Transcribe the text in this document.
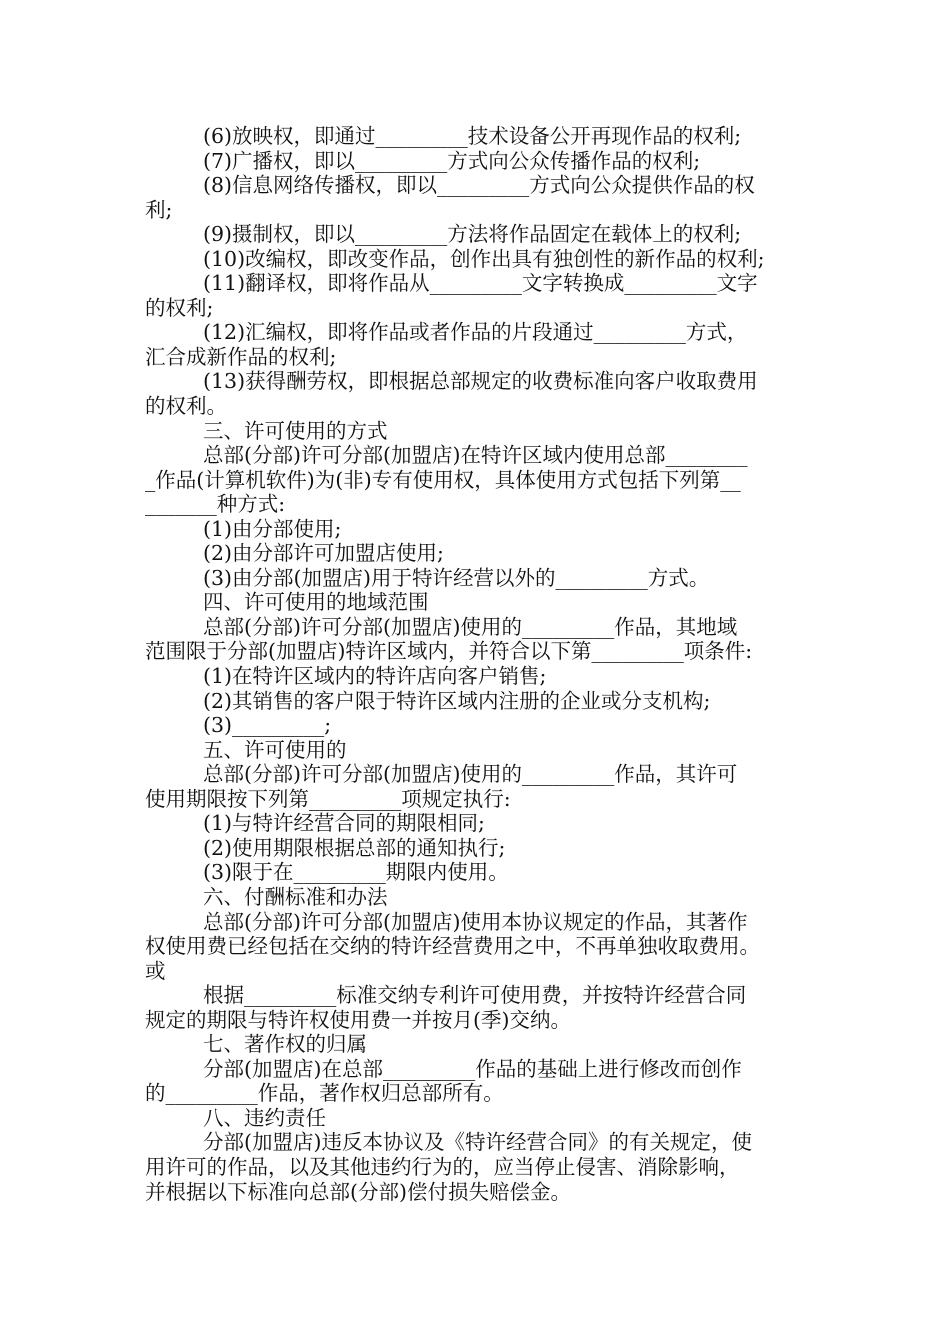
(6)放映权，即通过_________技术设备公开再现作品的权利;
(7)广播权，即以_________方式向公众传播作品的权利;
(8)信息网络传播权，即以_________方式向公众提供作品的权
利;
(9)摄制权，即以_________方法将作品固定在载体上的权利;
(10)改编权，即改变作品，创作出具有独创性的新作品的权利;
(11)翻译权，即将作品从_________文字转换成_________文字
的权利;
(12)汇编权，即将作品或者作品的片段通过_________方式，
汇合成新作品的权利;
(13)获得酬劳权，即根据总部规定的收费标准向客户收取费用
的权利。
三、许可使用的方式
总部(分部)许可分部(加盟店)在特许区域内使用总部________
_作品(计算机软件)为(非)专有使用权，具体使用方式包括下列第__
_______种方式:
(1)由分部使用;
(2)由分部许可加盟店使用;
(3)由分部(加盟店)用于特许经营以外的_________方式。
四、许可使用的地域范围
总部(分部)许可分部(加盟店)使用的_________作品，其地域
范围限于分部(加盟店)特许区域内，并符合以下第_________项条件:
(1)在特许区域内的特许店向客户销售;
(2)其销售的客户限于特许区域内注册的企业或分支机构;
(3)_________;
五、许可使用的
总部(分部)许可分部(加盟店)使用的_________作品，其许可
使用期限按下列第_________项规定执行:
(1)与特许经营合同的期限相同;
(2)使用期限根据总部的通知执行;
(3)限于在_________期限内使用。
六、付酬标准和办法
总部(分部)许可分部(加盟店)使用本协议规定的作品，其著作
权使用费已经包括在交纳的特许经营费用之中，不再单独收取费用。
或
根据_________标准交纳专利许可使用费，并按特许经营合同
规定的期限与特许权使用费一并按月(季)交纳。
七、著作权的归属
分部(加盟店)在总部_________作品的基础上进行修改而创作
的_________作品，著作权归总部所有。
八、违约责任
分部(加盟店)违反本协议及《特许经营合同》的有关规定，使
用许可的作品，以及其他违约行为的，应当停止侵害、消除影响，
并根据以下标准向总部(分部)偿付损失赔偿金。
